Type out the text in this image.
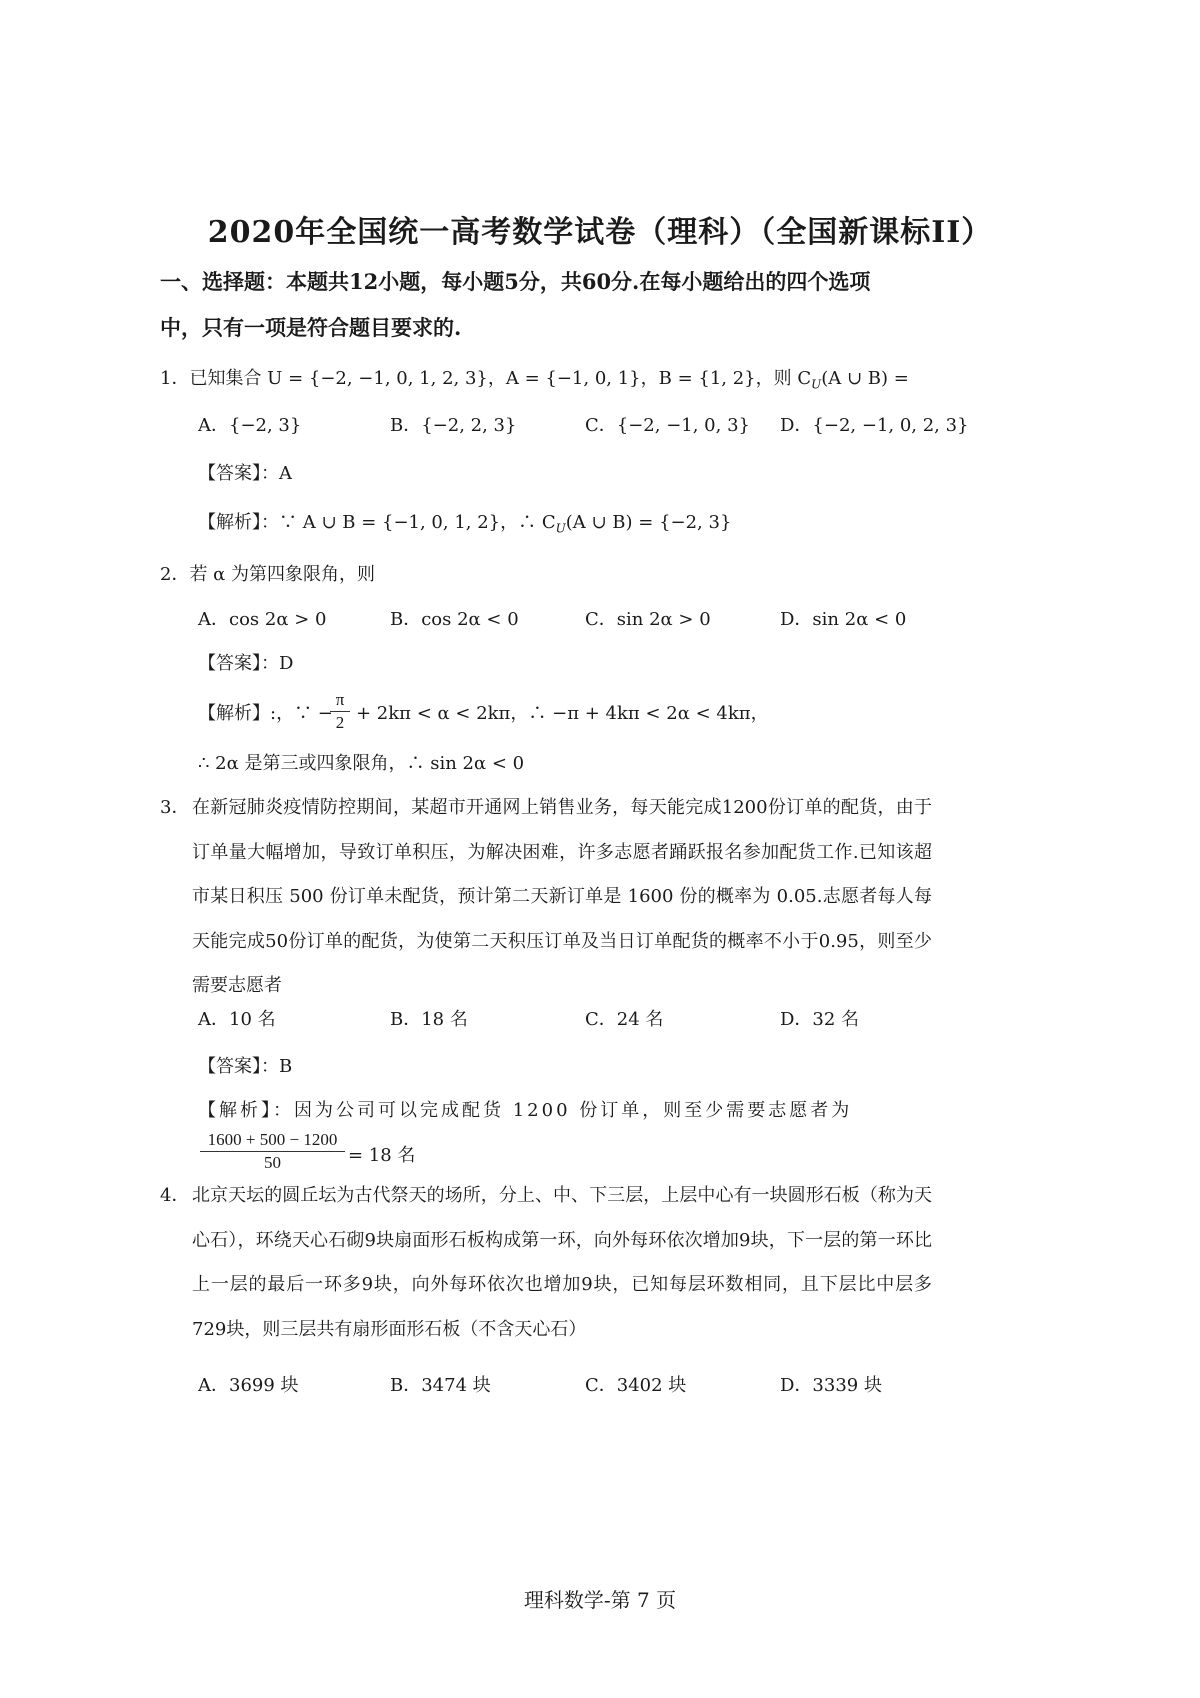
2020年全国统一高考数学试卷（理科）（全国新课标II）

一、选择题：本题共12小题，每小题5分，共60分.在每小题给出的四个选项

中，只有一项是符合题目要求的.

1．已知集合 U = {−2, −1, 0, 1, 2, 3}，A = {−1, 0, 1}，B = {1, 2}，则 $C_U(A$ ∪ B) =
A．{−2, 3}	B．{−2, 2, 3}	C．{−2, −1, 0, 3} D．{−2, −1, 0, 2, 3}
【答案】：A
【解析】：∵ A ∪ B = {−1, 0, 1, 2}，∴ $C_U(A$ ∪ B) = {−2, 3}
2．若 α 为第四象限角，则
A．cos 2α > 0	B．cos 2α < 0	C．sin 2α > 0	D．sin 2α < 0
【答案】：D
【解析】:，∵ −
π
2 + 2kπ < α < 2kπ，∴ −π + 4kπ < 2α < 4kπ，
∴ 2α 是第三或四象限角，∴ sin 2α < 0
3． 在新冠肺炎疫情防控期间，某超市开通网上销售业务，每天能完成1200份订单的配货，由于订单量大幅增加，导致订单积压，为解决困难，许多志愿者踊跃报名参加配货工作.已知该超市某日积压 500 份订单未配货，预计第二天新订单是 1600 份的概率为 0.05.志愿者每人每天能完成50份订单的配货，为使第二天积压订单及当日订单配货的概率不小于0.95，则至少需要志愿者
A．10 名	B．18 名	C．24 名	D．32 名
【答案】：B
【解析】：因为公司可以完成配货 1200 份订单，则至少需要志愿者为
1600 + 500 − 1200
50	= 18 名
4． 北京天坛的圆丘坛为古代祭天的场所，分上、中、下三层，上层中心有一块圆形石板（称为天心石），环绕天心石砌9块扇面形石板构成第一环，向外每环依次增加9块，下一层的第一环比上一层的最后一环多9块，向外每环依次也增加9块，已知每层环数相同，且下层比中层多729块，则三层共有扇形面形石板（不含天心石）
A．3699 块	B．3474 块	C．3402 块	D．3339 块

理科数学-第 7 页
